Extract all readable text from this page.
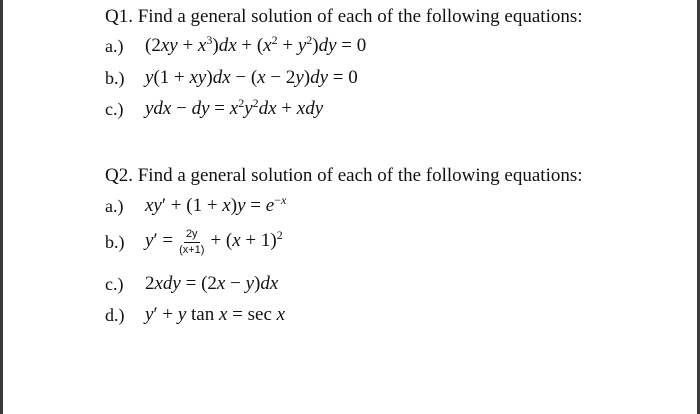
Q1. Find a general solution of each of the following equations:
a.)	$(2xy + x^3)dx + (x^2 + y^2)dy = 0$
b.)	y(1 + xy)dx − (x − 2y)dy = 0
c.)	ydx − dy = $x^2y^2dx$ + xdy
Q2. Find a general solution of each of the following equations:
a.)	$xy' + (1 + x)y = e^{-x}$
b.)	$y' = \frac{2y}{(x+1)} + (x + 1)^2$
c.)	2xdy = (2x − y)dx
d.)	y′ + y tan x = sec x
